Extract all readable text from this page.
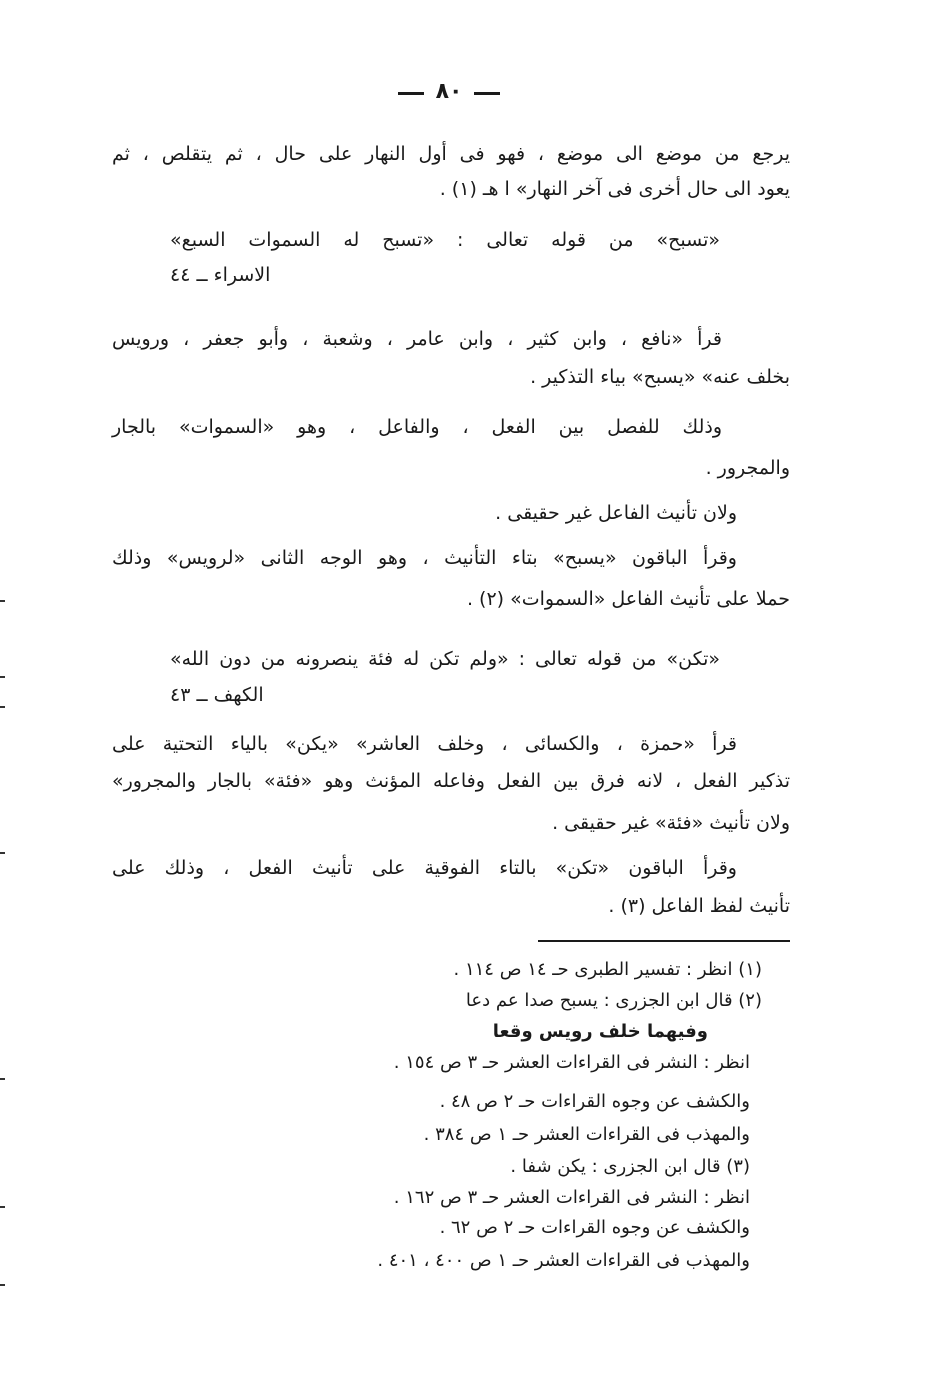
٨٠
يرجع من موضع الى موضع ، فهو فى أول النهار على حال ، ثم يتقلص ، ثم
يعود الى حال أخرى فى آخر النهار» ا هـ (١) .
«تسبح» من قوله تعالى : «تسبح له السموات السبع»
الاسراء ــ ٤٤
قرأ «نافع ، وابن كثير ، وابن عامر ، وشعبة ، وأبو جعفر ، ورويس
بخلف عنه» «يسبح» بياء التذكير .
وذلك للفصل بين الفعل ، والفاعل ، وهو «السموات» بالجار
والمجرور .
ولان تأنيث الفاعل غير حقيقى .
وقرأ الباقون «يسبح» بتاء التأنيث ، وهو الوجه الثانى «لرويس» وذلك
حملا على تأنيث الفاعل «السموات» (٢) .
«تكن» من قوله تعالى : «ولم تكن له فئة ينصرونه من دون الله»
الكهف ــ ٤٣
قرأ «حمزة ، والكسائى ، وخلف العاشر» «يكن» بالياء التحتية على
تذكير الفعل ، لانه فرق بين الفعل وفاعله المؤنث وهو «فئة» بالجار والمجرور»
ولان تأنيث «فئة» غير حقيقى .
وقرأ الباقون «تكن» بالتاء الفوقية على تأنيث الفعل ، وذلك على
تأنيث لفظ الفاعل (٣) .
(١) انظر : تفسير الطبرى حـ ١٤ ص ١١٤ .
(٢) قال ابن الجزرى : يسبح صدا عم دعا
وفيهما خلف رويس وقعا
انظر : النشر فى القراءات العشر حـ ٣ ص ١٥٤ .
والكشف عن وجوه القراءات حـ ٢ ص ٤٨ .
والمهذب فى القراءات العشر حـ ١ ص ٣٨٤ .
(٣) قال ابن الجزرى : يكن شفا .
انظر : النشر فى القراءات العشر حـ ٣ ص ١٦٢ .
والكشف عن وجوه القراءات حـ ٢ ص ٦٢ .
والمهذب فى القراءات العشر حـ ١ ص ٤٠٠ ، ٤٠١ .
